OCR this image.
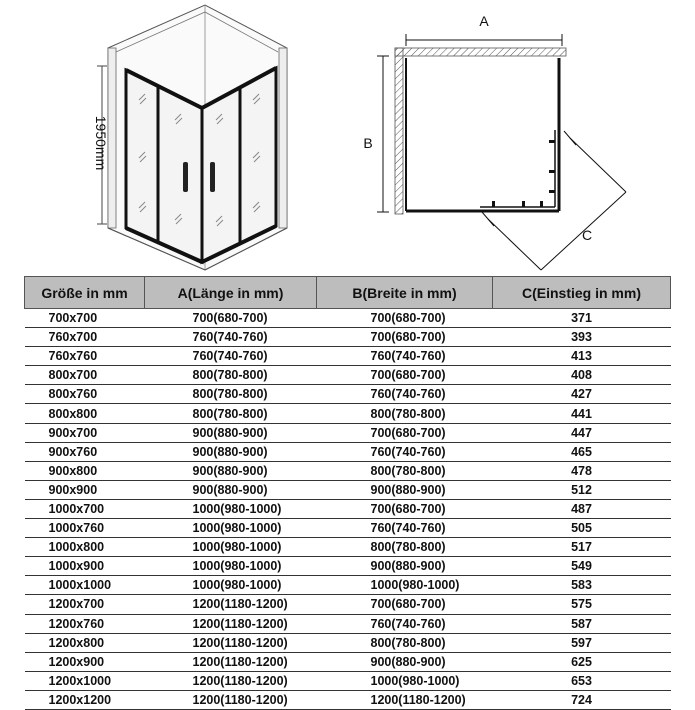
1950mm
A
B
C
Größe in mm	A(Länge in mm)	B(Breite in mm)	C(Einstieg in mm)
700x700	700(680-700)	700(680-700)	371
760x700	760(740-760)	700(680-700)	393
760x760	760(740-760)	760(740-760)	413
800x700	800(780-800)	700(680-700)	408
800x760	800(780-800)	760(740-760)	427
800x800	800(780-800)	800(780-800)	441
900x700	900(880-900)	700(680-700)	447
900x760	900(880-900)	760(740-760)	465
900x800	900(880-900)	800(780-800)	478
900x900	900(880-900)	900(880-900)	512
1000x700	1000(980-1000)	700(680-700)	487
1000x760	1000(980-1000)	760(740-760)	505
1000x800	1000(980-1000)	800(780-800)	517
1000x900	1000(980-1000)	900(880-900)	549
1000x1000	1000(980-1000)	1000(980-1000)	583
1200x700	1200(1180-1200)	700(680-700)	575
1200x760	1200(1180-1200)	760(740-760)	587
1200x800	1200(1180-1200)	800(780-800)	597
1200x900	1200(1180-1200)	900(880-900)	625
1200x1000	1200(1180-1200)	1000(980-1000)	653
1200x1200	1200(1180-1200)	1200(1180-1200)	724
